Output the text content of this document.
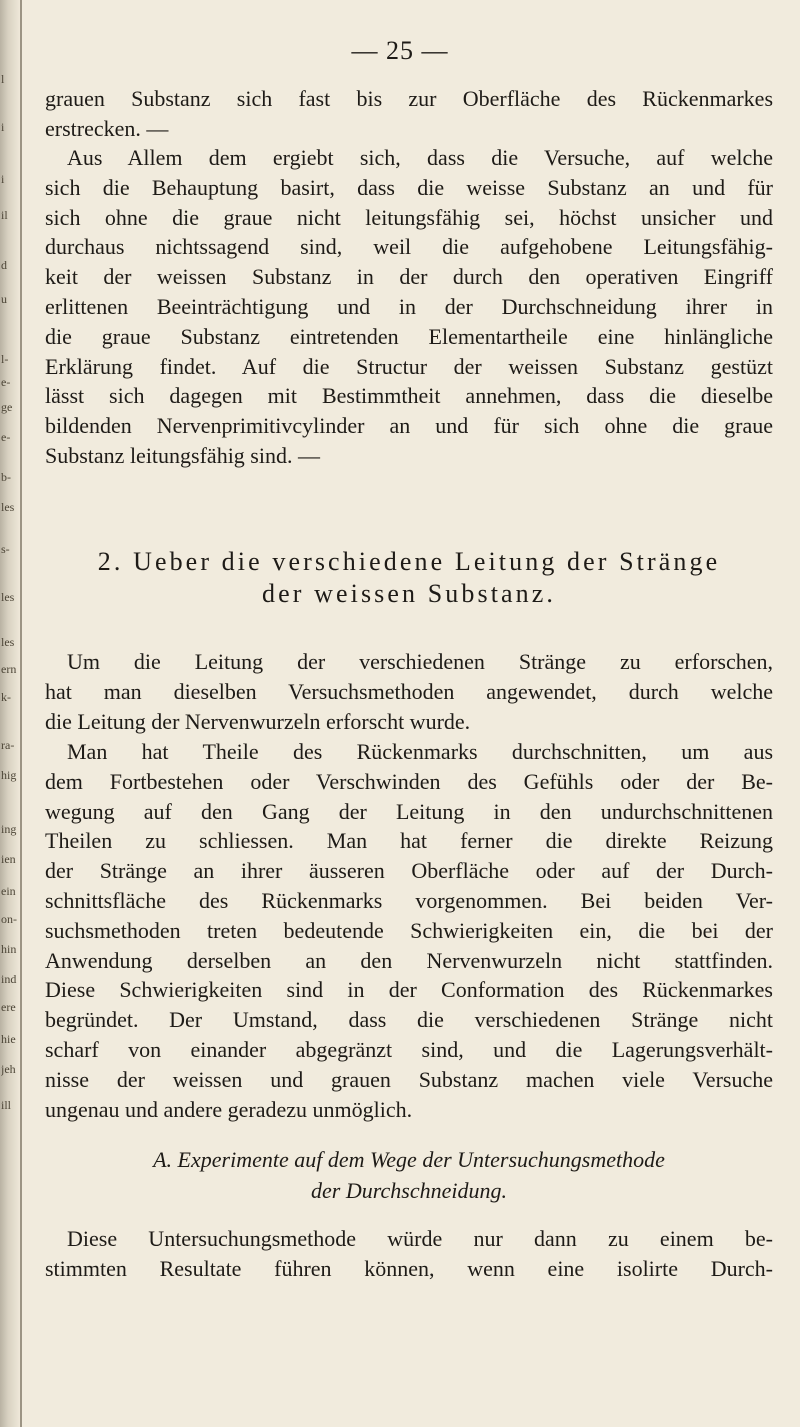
l
i
i
il
d
u
l-
e-
ge
e-
b-
les
s-
les
les
ern
k-
ra-
hig
ing
ien
ein
on-
hin
ind
ere
hie
jeh
ill
— 25 —
grauen Substanz sich fast bis zur Oberfläche des Rückenmarkes
erstrecken. —
Aus Allem dem ergiebt sich, dass die Versuche, auf welche
sich die Behauptung basirt, dass die weisse Substanz an und für
sich ohne die graue nicht leitungsfähig sei, höchst unsicher und
durchaus nichtssagend sind, weil die aufgehobene Leitungsfähig-
keit der weissen Substanz in der durch den operativen Eingriff
erlittenen Beeinträchtigung und in der Durchschneidung ihrer in
die graue Substanz eintretenden Elementartheile eine hinlängliche
Erklärung findet. Auf die Structur der weissen Substanz gestüzt
lässt sich dagegen mit Bestimmtheit annehmen, dass die dieselbe
bildenden Nervenprimitivcylinder an und für sich ohne die graue
Substanz leitungsfähig sind. —
2. Ueber die verschiedene Leitung der Stränge
der weissen Substanz.
Um die Leitung der verschiedenen Stränge zu erforschen,
hat man dieselben Versuchsmethoden angewendet, durch welche
die Leitung der Nervenwurzeln erforscht wurde.
Man hat Theile des Rückenmarks durchschnitten, um aus
dem Fortbestehen oder Verschwinden des Gefühls oder der Be-
wegung auf den Gang der Leitung in den undurchschnittenen
Theilen zu schliessen. Man hat ferner die direkte Reizung
der Stränge an ihrer äusseren Oberfläche oder auf der Durch-
schnittsfläche des Rückenmarks vorgenommen. Bei beiden Ver-
suchsmethoden treten bedeutende Schwierigkeiten ein, die bei der
Anwendung derselben an den Nervenwurzeln nicht stattfinden.
Diese Schwierigkeiten sind in der Conformation des Rückenmarkes
begründet. Der Umstand, dass die verschiedenen Stränge nicht
scharf von einander abgegränzt sind, und die Lagerungsverhält-
nisse der weissen und grauen Substanz machen viele Versuche
ungenau und andere geradezu unmöglich.
A. Experimente auf dem Wege der Untersuchungsmethode
der Durchschneidung.
Diese Untersuchungsmethode würde nur dann zu einem be-
stimmten Resultate führen können, wenn eine isolirte Durch-
